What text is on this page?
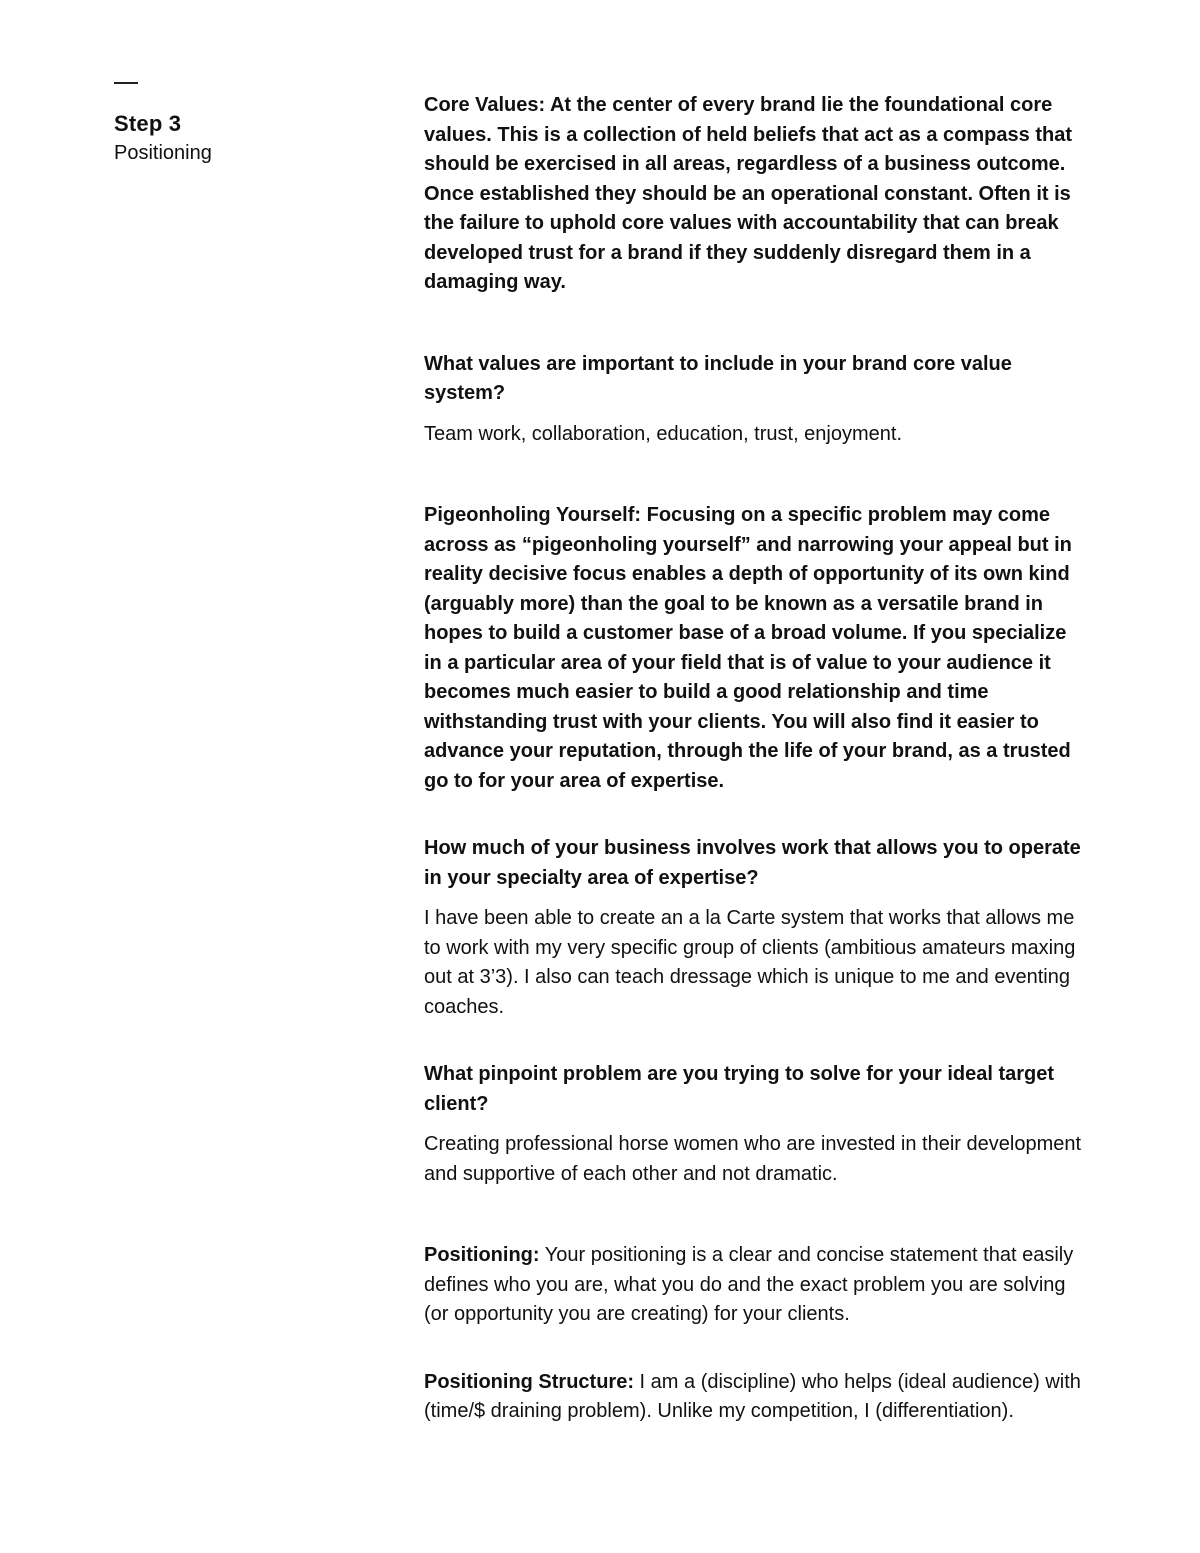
Step 3
Positioning

Core Values: At the center of every brand lie the foundational core values. This is a collection of held beliefs that act as a compass that should be exercised in all areas, regardless of a business outcome. Once established they should be an operational constant. Often it is the failure to uphold core values with accountability that can break developed trust for a brand if they suddenly disregard them in a damaging way.

What values are important to include in your brand core value system?

Team work, collaboration, education, trust, enjoyment.

Pigeonholing Yourself: Focusing on a specific problem may come across as “pigeonholing yourself” and narrowing your appeal but in reality decisive focus enables a depth of opportunity of its own kind (arguably more) than the goal to be known as a versatile brand in hopes to build a customer base of a broad volume. If you specialize in a particular area of your field that is of value to your audience it becomes much easier to build a good relationship and time withstanding trust with your clients. You will also find it easier to advance your reputation, through the life of your brand, as a trusted go to for your area of expertise.

How much of your business involves work that allows you to operate in your specialty area of expertise?

I have been able to create an a la Carte system that works that allows me to work with my very specific group of clients (ambitious amateurs maxing out at 3’3). I also can teach dressage which is unique to me and eventing coaches.

What pinpoint problem are you trying to solve for your ideal target client?

Creating professional horse women who are invested in their development and supportive of each other and not dramatic.

Positioning: Your positioning is a clear and concise statement that easily defines who you are, what you do and the exact problem you are solving (or opportunity you are creating) for your clients.

Positioning Structure: I am a (discipline) who helps (ideal audience) with (time/$ draining problem). Unlike my competition, I (differentiation).
